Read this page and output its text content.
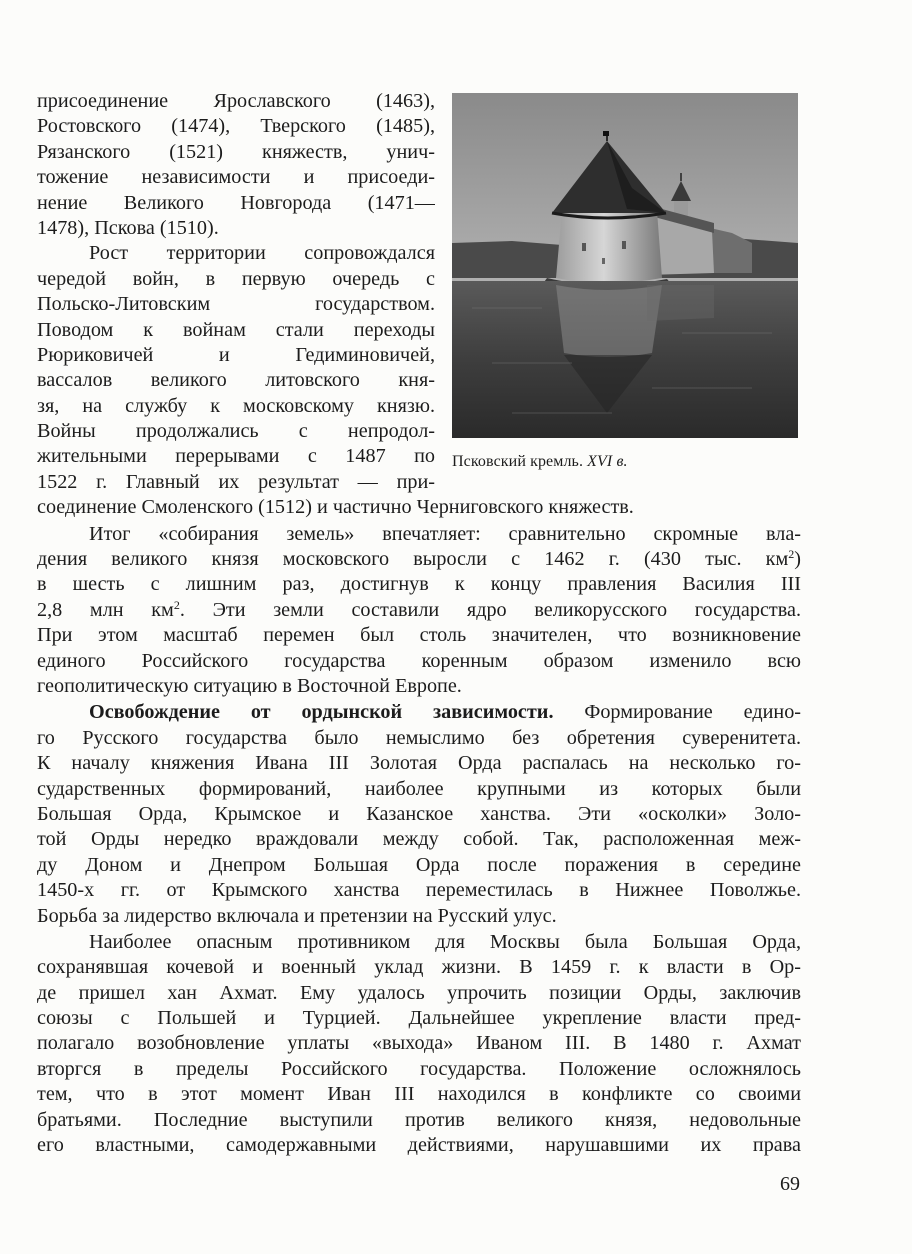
Псковский кремль. XVI в.
присоединение Ярославского (1463),
Ростовского (1474), Тверского (1485),
Рязанского (1521) княжеств, унич-
тожение независимости и присоеди-
нение Великого Новгорода (1471—
1478), Пскова (1510).
Рост территории сопровождался
чередой войн, в первую очередь с
Польско-Литовским государством.
Поводом к войнам стали переходы
Рюриковичей и Гедиминовичей,
вассалов великого литовского кня-
зя, на службу к московскому князю.
Войны продолжались с непродол-
жительными перерывами с 1487 по
1522 г. Главный их результат — при-
соединение Смоленского (1512) и частично Черниговского княжеств.
Итог «собирания земель» впечатляет: сравнительно скромные вла-
дения великого князя московского выросли с 1462 г. (430 тыс. $км^2$)
в шесть с лишним раз, достигнув к концу правления Василия III
2,8 млн $км^2$. Эти земли составили ядро великорусского государства.
При этом масштаб перемен был столь значителен, что возникновение
единого Российского государства коренным образом изменило всю
геополитическую ситуацию в Восточной Европе.
Освобождение от ордынской зависимости. Формирование едино-
го Русского государства было немыслимо без обретения суверенитета.
К началу княжения Ивана III Золотая Орда распалась на несколько го-
сударственных формирований, наиболее крупными из которых были
Большая Орда, Крымское и Казанское ханства. Эти «осколки» Золо-
той Орды нередко враждовали между собой. Так, расположенная меж-
ду Доном и Днепром Большая Орда после поражения в середине
1450-х гг. от Крымского ханства переместилась в Нижнее Поволжье.
Борьба за лидерство включала и претензии на Русский улус.
Наиболее опасным противником для Москвы была Большая Орда,
сохранявшая кочевой и военный уклад жизни. В 1459 г. к власти в Ор-
де пришел хан Ахмат. Ему удалось упрочить позиции Орды, заключив
союзы с Польшей и Турцией. Дальнейшее укрепление власти пред-
полагало возобновление уплаты «выхода» Иваном III. В 1480 г. Ахмат
вторгся в пределы Российского государства. Положение осложнялось
тем, что в этот момент Иван III находился в конфликте со своими
братьями. Последние выступили против великого князя, недовольные
его властными, самодержавными действиями, нарушавшими их права
69
